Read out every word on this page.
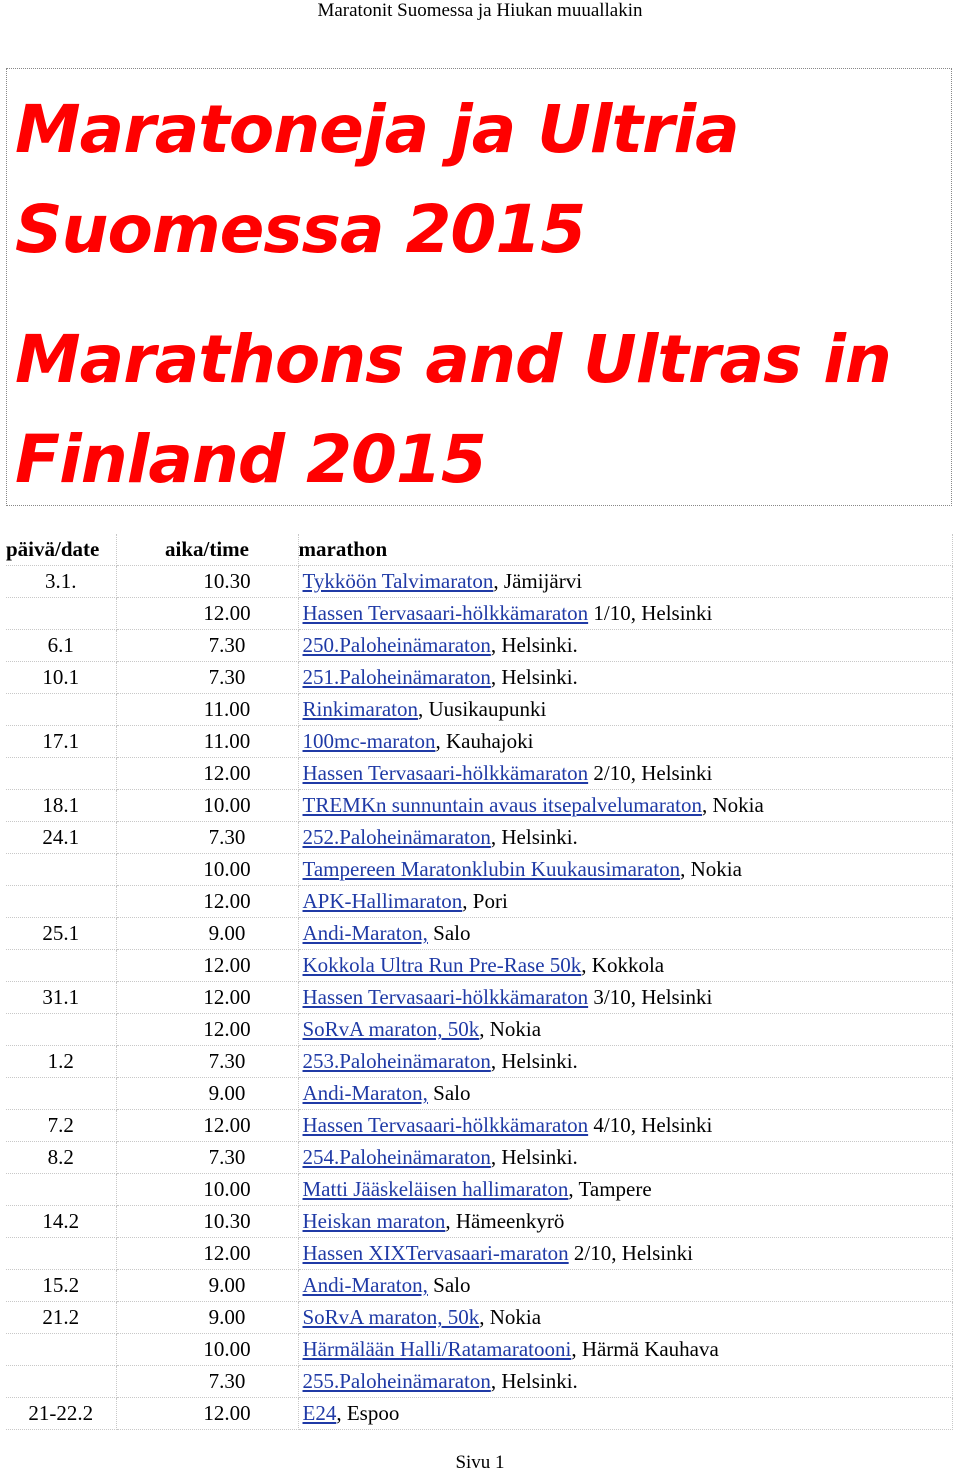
Maratonit Suomessa ja Hiukan muuallakin
Maratoneja ja Ultria
Suomessa 2015
Marathons and Ultras in
Finland 2015
päivä/date	aika/time	marathon
3.1.	10.30	Tykköön Talvimaraton, Jämijärvi
	12.00	Hassen Tervasaari-hölkkämaraton 1/10, Helsinki
6.1	7.30	250.Paloheinämaraton, Helsinki.
10.1	7.30	251.Paloheinämaraton, Helsinki.
	11.00	Rinkimaraton, Uusikaupunki
17.1	11.00	100mc-maraton, Kauhajoki
	12.00	Hassen Tervasaari-hölkkämaraton 2/10, Helsinki
18.1	10.00	TREMKn sunnuntain avaus itsepalvelumaraton, Nokia
24.1	7.30	252.Paloheinämaraton, Helsinki.
	10.00	Tampereen Maratonklubin Kuukausimaraton, Nokia
	12.00	APK-Hallimaraton, Pori
25.1	9.00	Andi-Maraton, Salo
	12.00	Kokkola Ultra Run Pre-Rase 50k, Kokkola
31.1	12.00	Hassen Tervasaari-hölkkämaraton 3/10, Helsinki
	12.00	SoRvA maraton, 50k, Nokia
1.2	7.30	253.Paloheinämaraton, Helsinki.
	9.00	Andi-Maraton, Salo
7.2	12.00	Hassen Tervasaari-hölkkämaraton 4/10, Helsinki
8.2	7.30	254.Paloheinämaraton, Helsinki.
	10.00	Matti Jääskeläisen hallimaraton, Tampere
14.2	10.30	Heiskan maraton, Hämeenkyrö
	12.00	Hassen XIXTervasaari-maraton 2/10, Helsinki
15.2	9.00	Andi-Maraton, Salo
21.2	9.00	SoRvA maraton, 50k, Nokia
	10.00	Härmälään Halli/Ratamaratooni, Härmä Kauhava
	7.30	255.Paloheinämaraton, Helsinki.
21-22.2	12.00	E24, Espoo
Sivu 1
